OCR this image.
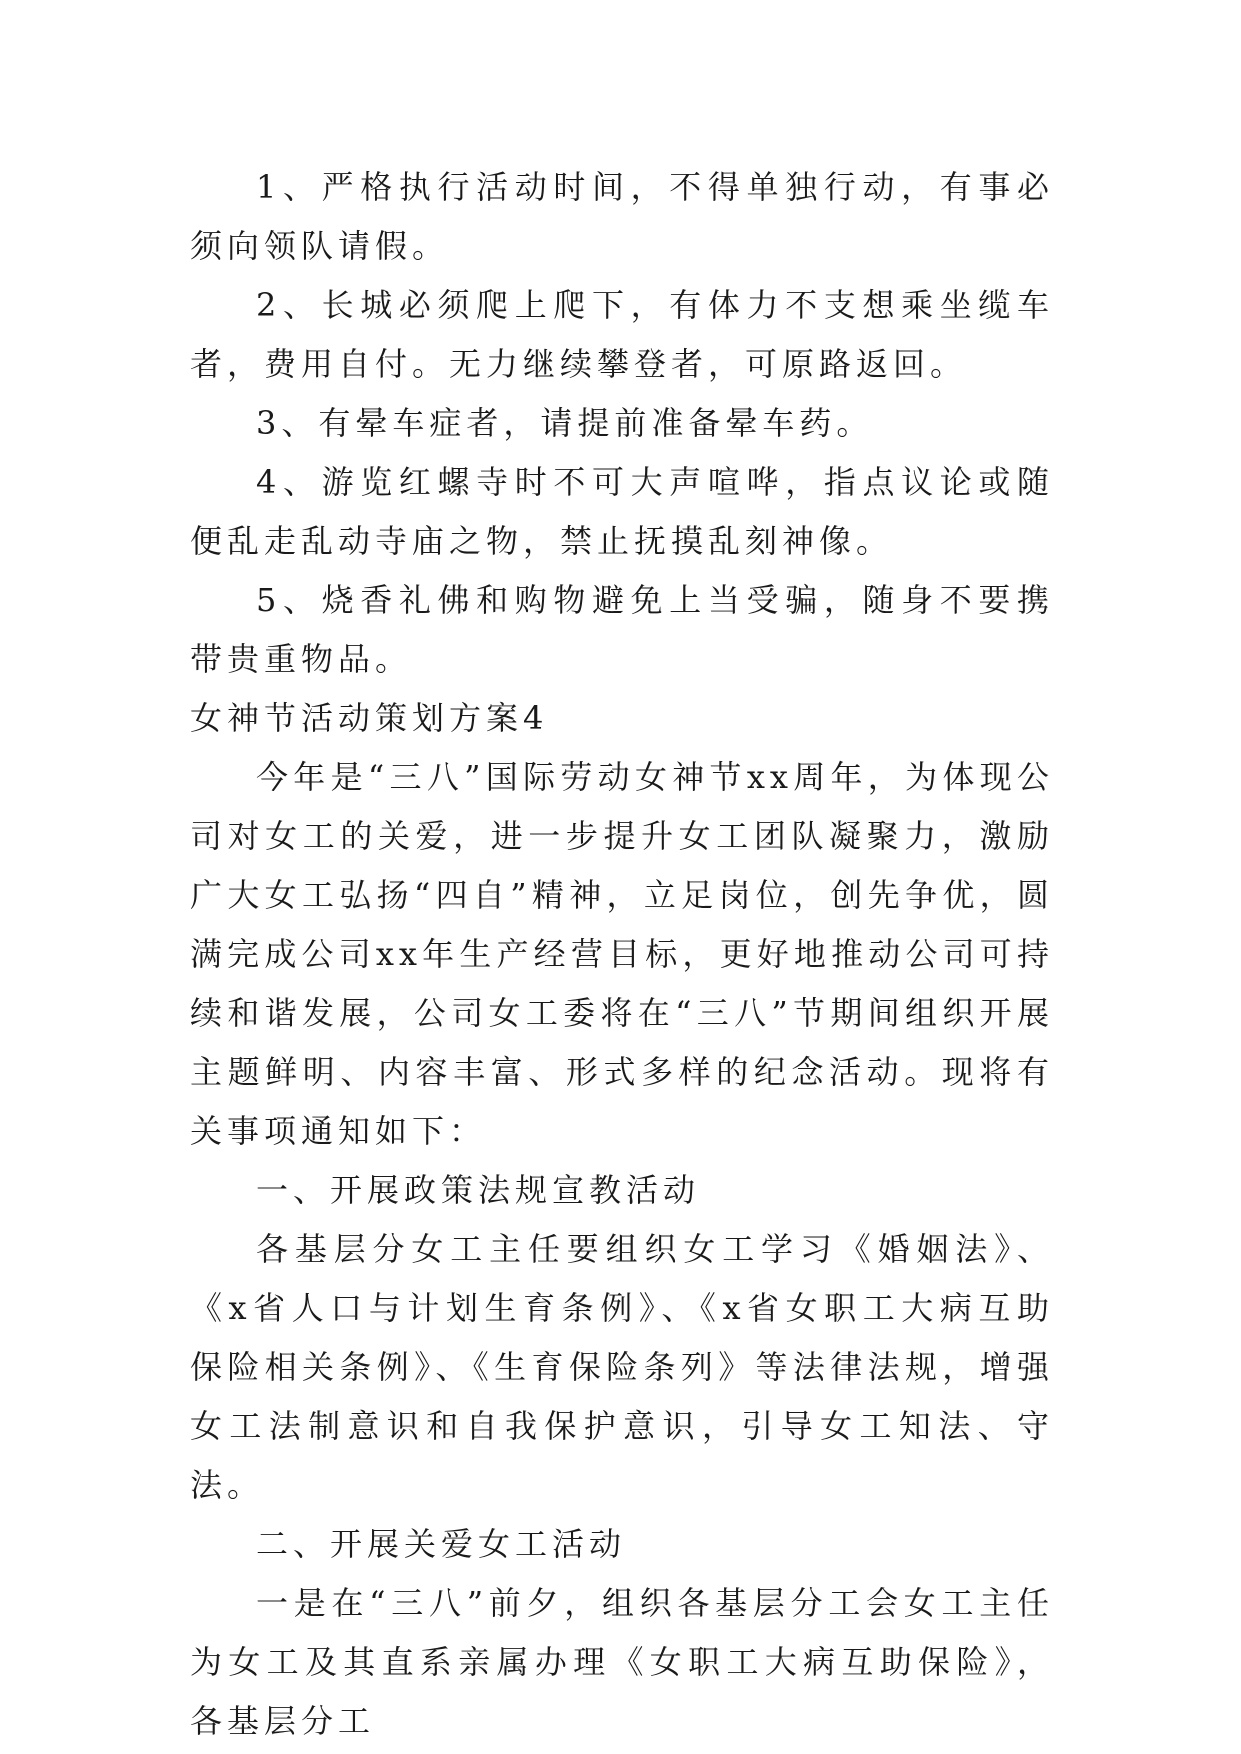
1、严格执行活动时间，不得单独行动，有事必须向领队请假。

2、长城必须爬上爬下，有体力不支想乘坐缆车者，费用自付。无力继续攀登者，可原路返回。

3、有晕车症者，请提前准备晕车药。

4、游览红螺寺时不可大声喧哗，指点议论或随便乱走乱动寺庙之物，禁止抚摸乱刻神像。

5、烧香礼佛和购物避免上当受骗，随身不要携带贵重物品。

女神节活动策划方案4

今年是“三八”国际劳动女神节xx周年，为体现公司对女工的关爱，进一步提升女工团队凝聚力，激励广大女工弘扬“四自”精神，立足岗位，创先争优，圆满完成公司xx年生产经营目标，更好地推动公司可持续和谐发展，公司女工委将在“三八”节期间组织开展主题鲜明、内容丰富、形式多样的纪念活动。现将有关事项通知如下：

一、开展政策法规宣教活动

各基层分女工主任要组织女工学习《婚姻法》、《x省人口与计划生育条例》、《x省女职工大病互助保险相关条例》、《生育保险条列》等法律法规，增强女工法制意识和自我保护意识，引导女工知法、守法。

二、开展关爱女工活动

一是在“三八”前夕，组织各基层分工会女工主任为女工及其直系亲属办理《女职工大病互助保险》，各基层分工
